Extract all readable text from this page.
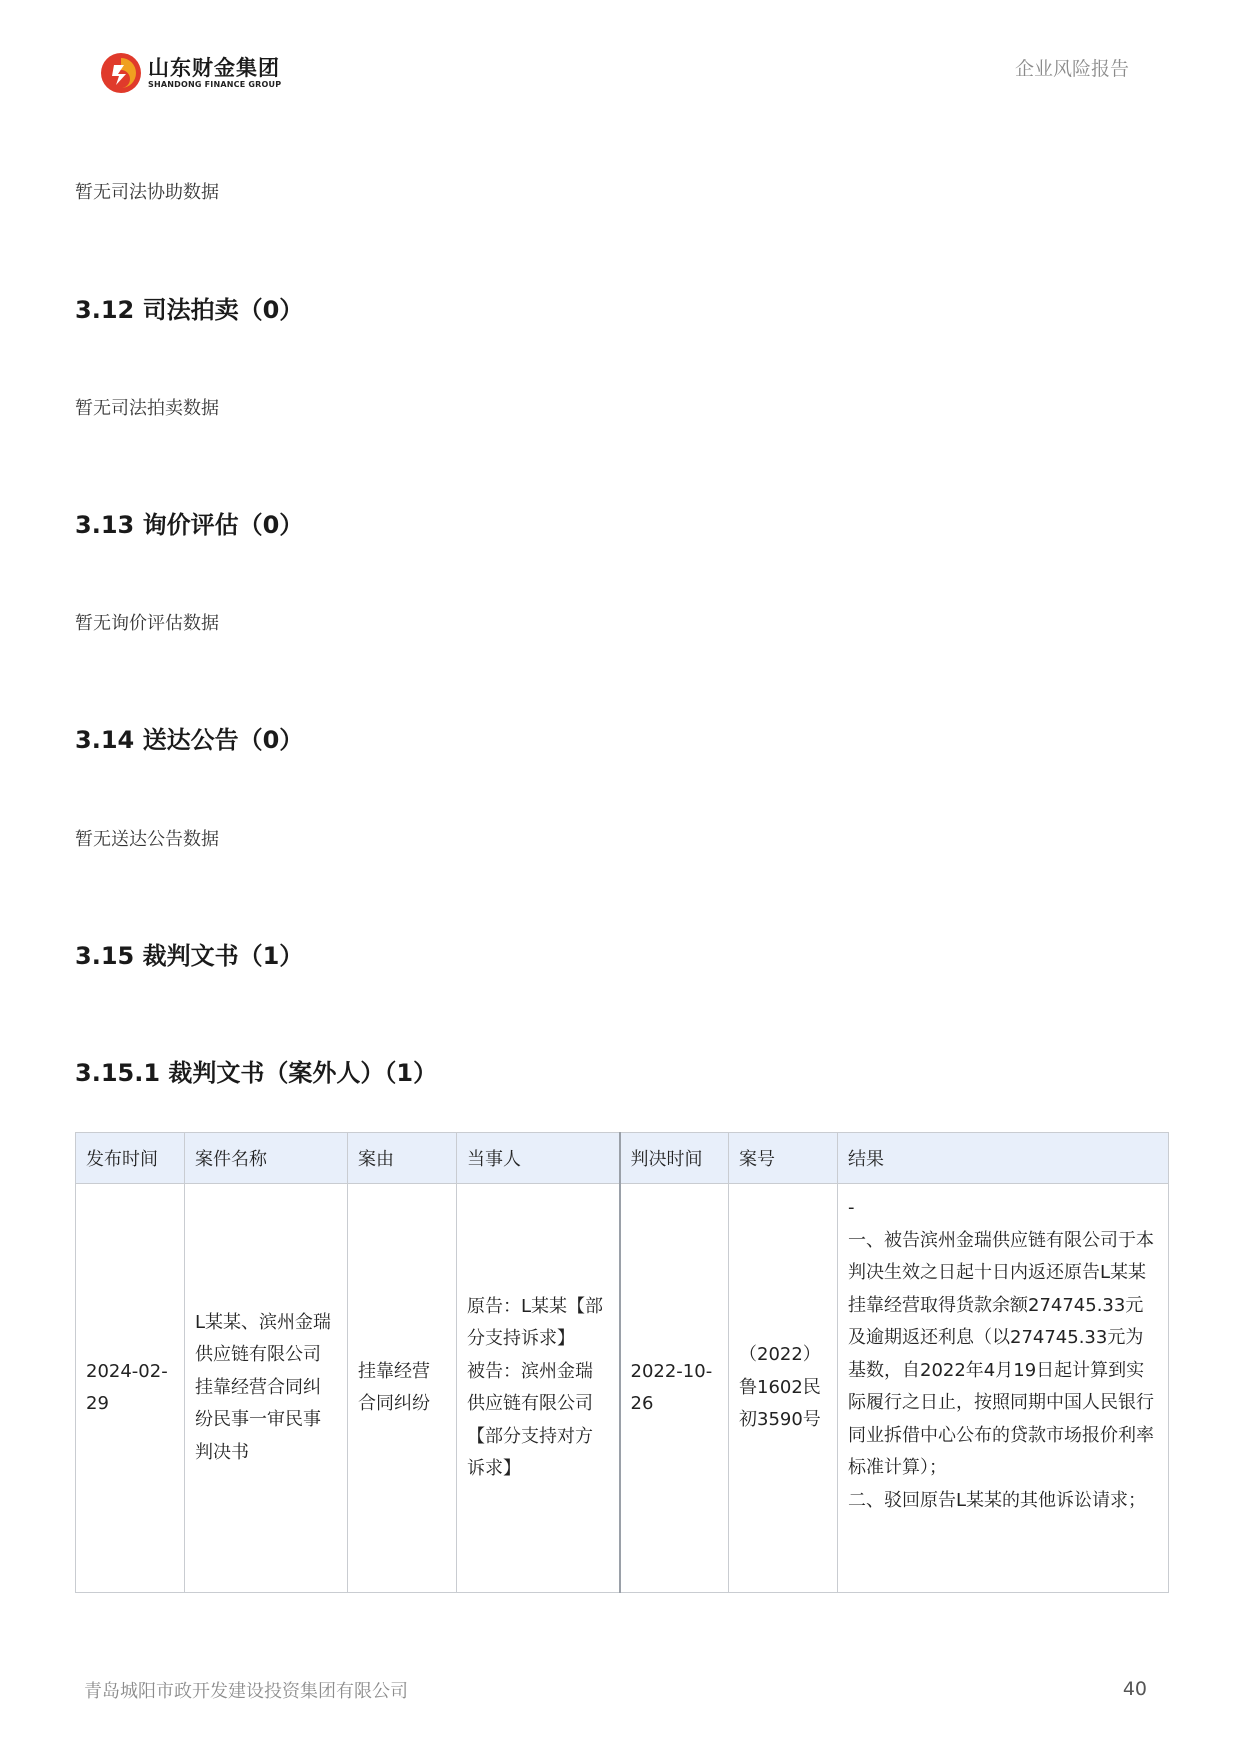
山东财金集团
SHANDONG FINANCE GROUP
企业风险报告
暂无司法协助数据
3.12 司法拍卖（0）
暂无司法拍卖数据
3.13 询价评估（0）
暂无询价评估数据
3.14 送达公告（0）
暂无送达公告数据
3.15 裁判文书（1）
3.15.1 裁判文书（案外人）（1）
发布时间	案件名称	案由	当事人	判决时间	案号	结果
2024-02-29	L某某、滨州金瑞供应链有限公司挂靠经营合同纠纷民事一审民事判决书	挂靠经营合同纠纷	原告：L某某【部分支持诉求】
被告：滨州金瑞供应链有限公司【部分支持对方诉求】	2022-10-26	（2022）鲁1602民初3590号	-
一、被告滨州金瑞供应链有限公司于本判决生效之日起十日内返还原告L某某挂靠经营取得货款余额274745.33元及逾期返还利息（以274745.33元为基数，自2022年4月19日起计算到实际履行之日止，按照同期中国人民银行同业拆借中心公布的贷款市场报价利率标准计算）；
二、驳回原告L某某的其他诉讼请求；
青岛城阳市政开发建设投资集团有限公司	40
